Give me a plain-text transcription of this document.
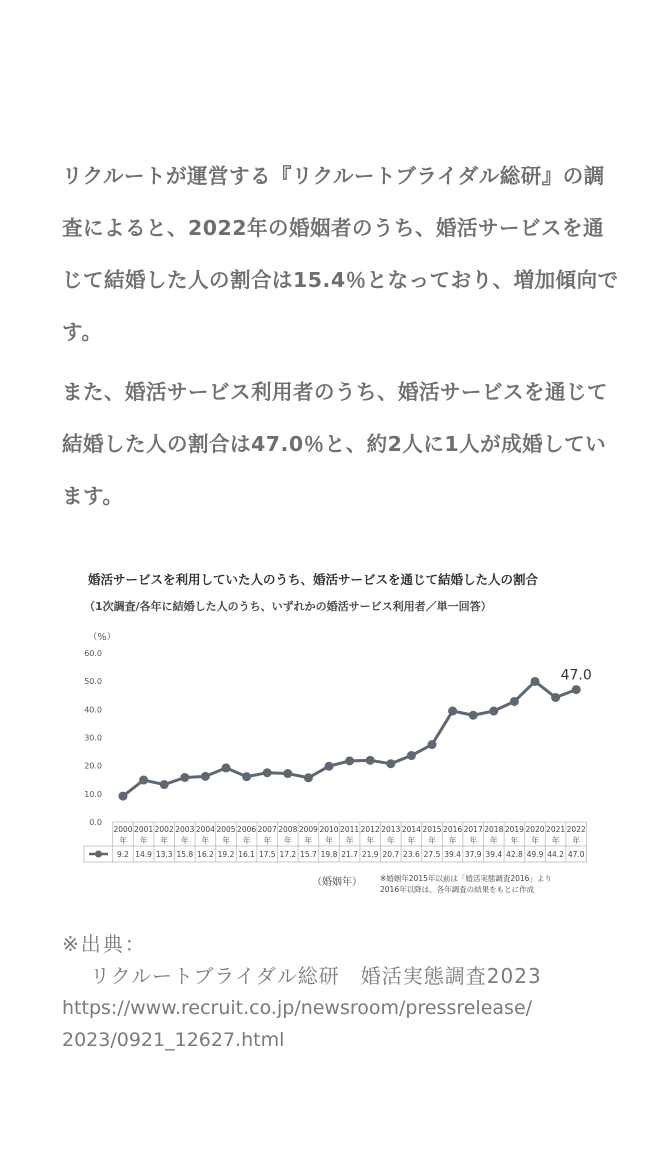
リクルートが運営する『リクルートブライダル総研』の調査によると、2022年の婚姻者のうち、婚活サービスを通じて結婚した人の割合は15.4％となっており、増加傾向です。

また、婚活サービス利用者のうち、婚活サービスを通じて結婚した人の割合は47.0％と、約2人に1人が成婚しています。

婚活サービスを利用していた人のうち、婚活サービスを通じて結婚した人の割合
（1次調査/各年に結婚した人のうち、いずれかの婚活サービス利用者／単一回答）
（%）
0.0
10.0
20.0
30.0
40.0
50.0
60.0
2000
年
9.2
2001
年
14.9
2002
年
13.3
2003
年
15.8
2004
年
16.2
2005
年
19.2
2006
年
16.1
2007
年
17.5
2008
年
17.2
2009
年
15.7
2010
年
19.8
2011
年
21.7
2012
年
21.9
2013
年
20.7
2014
年
23.6
2015
年
27.5
2016
年
39.4
2017
年
37.9
2018
年
39.4
2019
年
42.8
2020
年
49.9
2021
年
44.2
2022
年
47.0
47.0
（婚姻年） ※婚姻年2015年以前は「婚活実態調査2016」より
2016年以降は、各年調査の結果をもとに作成
※出典：
リクルートブライダル総研　婚活実態調査2023
https://www.recruit.co.jp/newsroom/pressrelease/
2023/0921_12627.html
